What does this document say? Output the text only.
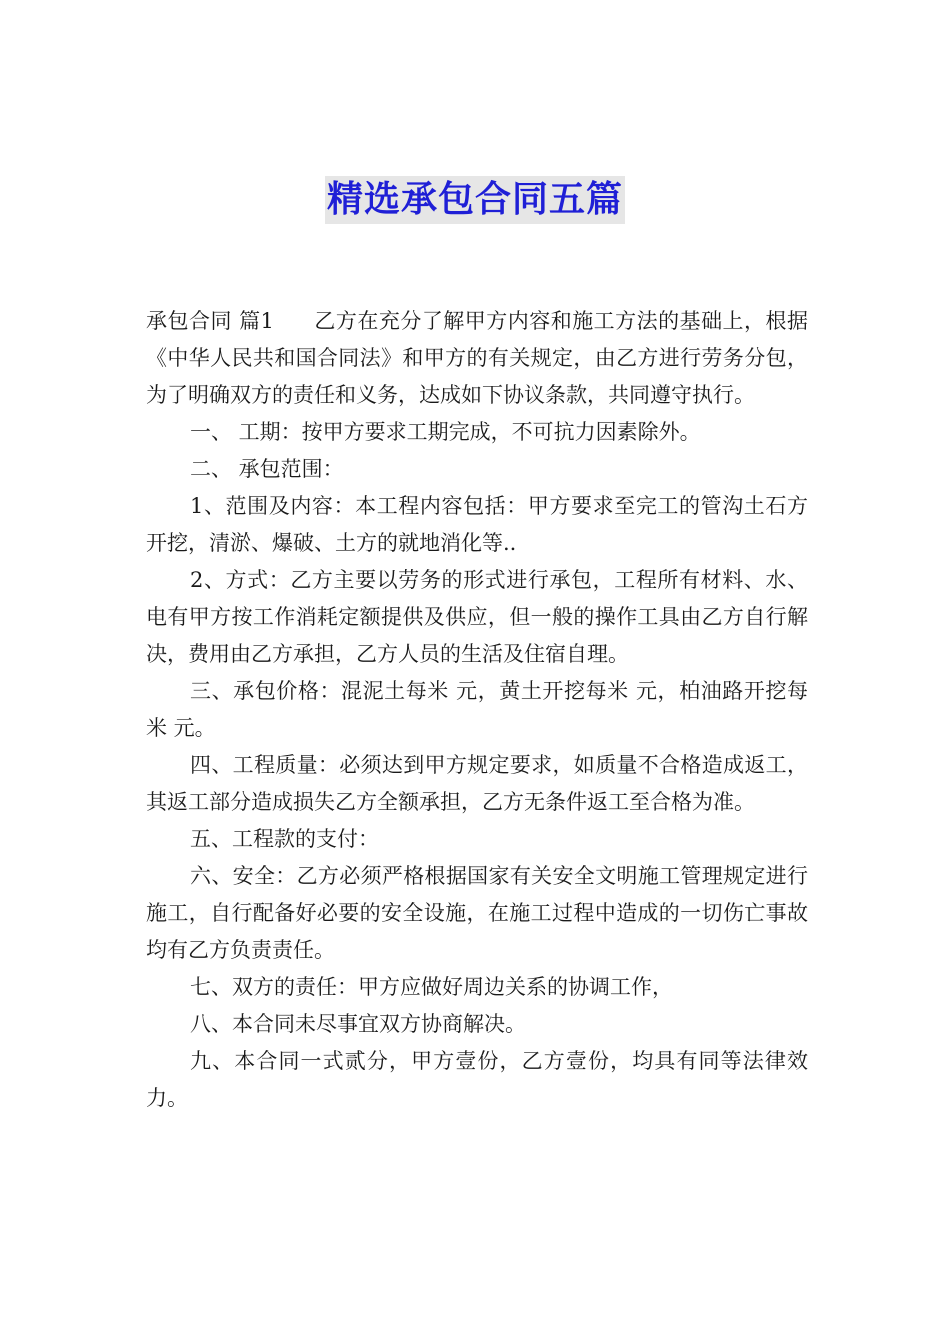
精选承包合同五篇

承包合同 篇1 乙方在充分了解甲方内容和施工方法的基础上，根据《中华人民共和国合同法》和甲方的有关规定，由乙方进行劳务分包，为了明确双方的责任和义务，达成如下协议条款，共同遵守执行。

一、 工期：按甲方要求工期完成，不可抗力因素除外。

二、 承包范围：

1、范围及内容：本工程内容包括：甲方要求至完工的管沟土石方开挖，清淤、爆破、土方的就地消化等..

2、方式：乙方主要以劳务的形式进行承包，工程所有材料、水、电有甲方按工作消耗定额提供及供应，但一般的操作工具由乙方自行解决，费用由乙方承担，乙方人员的生活及住宿自理。

三、承包价格：混泥土每米 元，黄土开挖每米 元，柏油路开挖每米 元。

四、工程质量：必须达到甲方规定要求，如质量不合格造成返工，其返工部分造成损失乙方全额承担，乙方无条件返工至合格为准。

五、工程款的支付：

六、安全：乙方必须严格根据国家有关安全文明施工管理规定进行施工，自行配备好必要的安全设施，在施工过程中造成的一切伤亡事故均有乙方负责责任。

七、双方的责任：甲方应做好周边关系的协调工作，

八、本合同未尽事宜双方协商解决。

九、本合同一式贰分，甲方壹份，乙方壹份，均具有同等法律效力。
